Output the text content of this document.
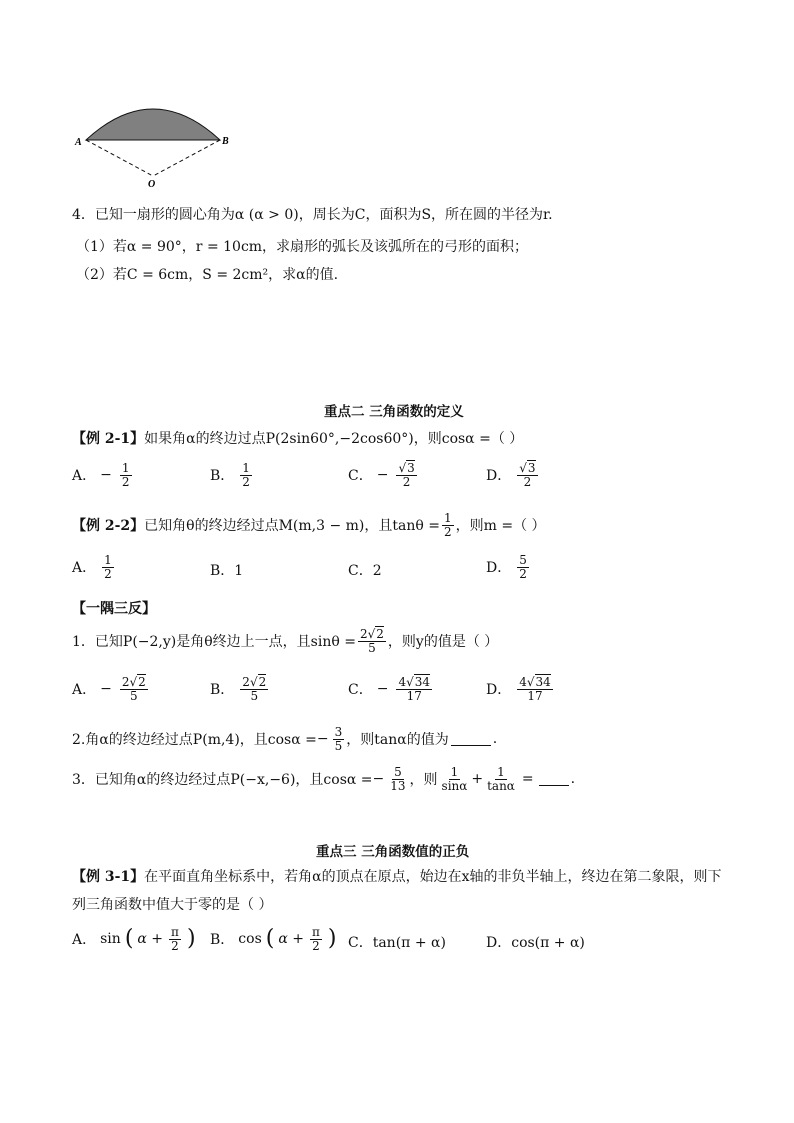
A	B
O
4．已知一扇形的圆心角为α (α > 0)，周长为C，面积为S，所在圆的半径为r.
（1）若α = 90°，r = 10cm，求扇形的弧长及该弧所在的弓形的面积；
（2）若C = 6cm，S = 2cm²，求α的值.
重点二 三角函数的定义
【例 2-1】如果角α的终边过点P(2sin60°,−2cos60°)，则cosα =（ ）
A． − $\frac{1}{2}$	B． $\frac{1}{2}$	C． − $\frac{√3}{2}$	D． $\frac{√3}{2}$
【例 2-2】 已知角θ的终边经过点M(m,3 − m)，且$\tan\theta = \frac{1}{2}$ ，则m =（ ）
A． $\frac{1}{2}$	B．1	C．2	D． $\frac{5}{2}$
【一隅三反】
1．已知P(−2,y)是角θ终边上一点，且$\sin\theta = \frac{2√2}{5}$ ，则y的值是（ ）
A． − $\frac{2√2}{5}$	B． $\frac{2√2}{5}$	C． − $\frac{4√34}{17}$	D． $\frac{4√34}{17}$
2.角α的终边经过点P(m,4)，且cosα = − $\frac{3}{5}$ ，则tanα的值为	.
3．已知角α的终边经过点P(−x,−6)，且cosα = − $\frac{5}{13}$ ，则 $\frac{1}{\sin\alpha} + \frac{1}{\tan\alpha}$ =	.
重点三 三角函数值的正负
【例 3-1】在平面直角坐标系中，若角α的顶点在原点，始边在x轴的非负半轴上，终边在第二象限，则下
列三角函数中值大于零的是（ ）
A． sin ( $\alpha + \frac{\pi}{2}$ ) B． cos ( $\alpha + \frac{\pi}{2}$ ) C．tan(π + α)	D．cos(π + α)
